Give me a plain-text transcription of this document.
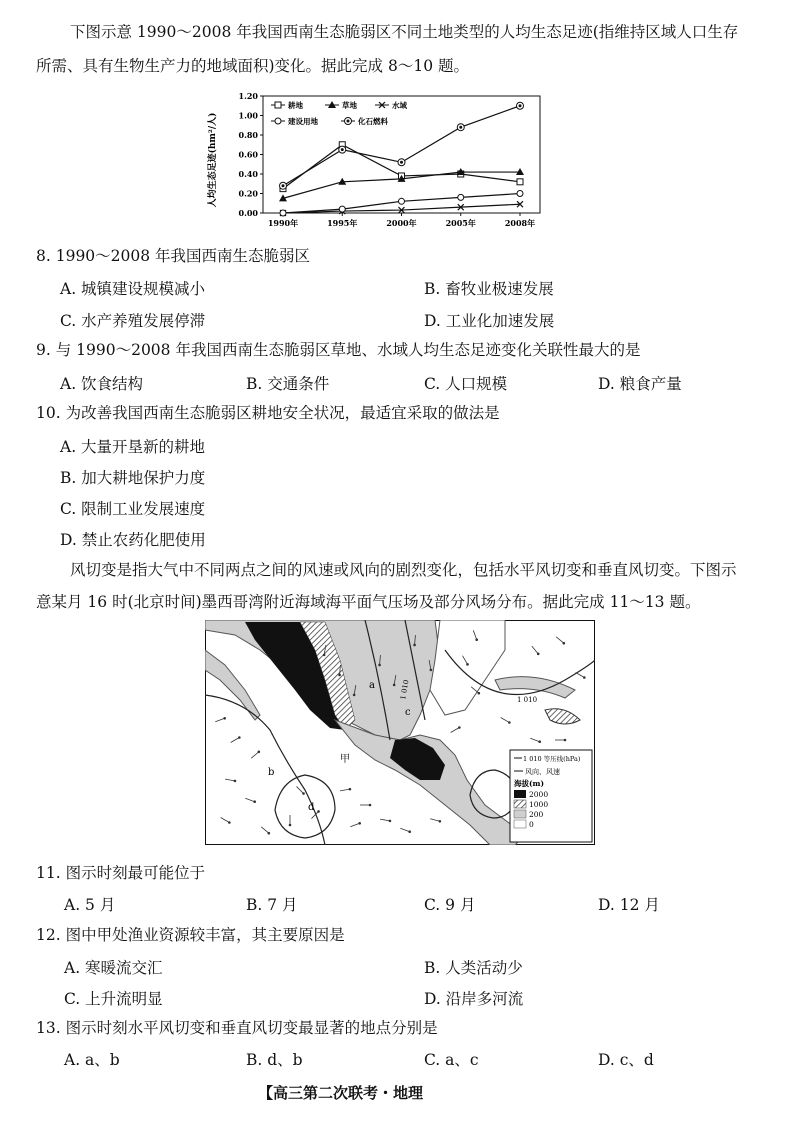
下图示意 1990～2008 年我国西南生态脆弱区不同土地类型的人均生态足迹(指维持区域人口生存
所需、具有生物生产力的地域面积)变化。据此完成 8～10 题。
人均生态足迹(hm²/人)
0.00
0.20
0.40
0.60
0.80
1.00
1.20
1990年	1995年	2000年	2005年	2008年
耕地	草地	水域
建设用地	化石燃料
8. 1990～2008 年我国西南生态脆弱区
A. 城镇建设规模减小	B. 畜牧业极速发展
C. 水产养殖发展停滞	D. 工业化加速发展
9. 与 1990～2008 年我国西南生态脆弱区草地、水域人均生态足迹变化关联性最大的是
A. 饮食结构	B. 交通条件	C. 人口规模	D. 粮食产量
10. 为改善我国西南生态脆弱区耕地安全状况，最适宜采取的做法是
A. 大量开垦新的耕地
B. 加大耕地保护力度
C. 限制工业发展速度
D. 禁止农药化肥使用
风切变是指大气中不同两点之间的风速或风向的剧烈变化，包括水平风切变和垂直风切变。下图示
意某月 16 时(北京时间)墨西哥湾附近海域海平面气压场及部分风场分布。据此完成 11～13 题。
a
b
c
d
甲
1 010	1 010
1 010 等压线(hPa)
风向、风速
海拔(m)
2000
1000
200
0
11. 图示时刻最可能位于
A. 5 月	B. 7 月	C. 9 月	D. 12 月
12. 图中甲处渔业资源较丰富，其主要原因是
A. 寒暖流交汇	B. 人类活动少
C. 上升流明显	D. 沿岸多河流
13. 图示时刻水平风切变和垂直风切变最显著的地点分别是
A. a、b	B. d、b	C. a、c	D. c、d
【高三第二次联考・地理
